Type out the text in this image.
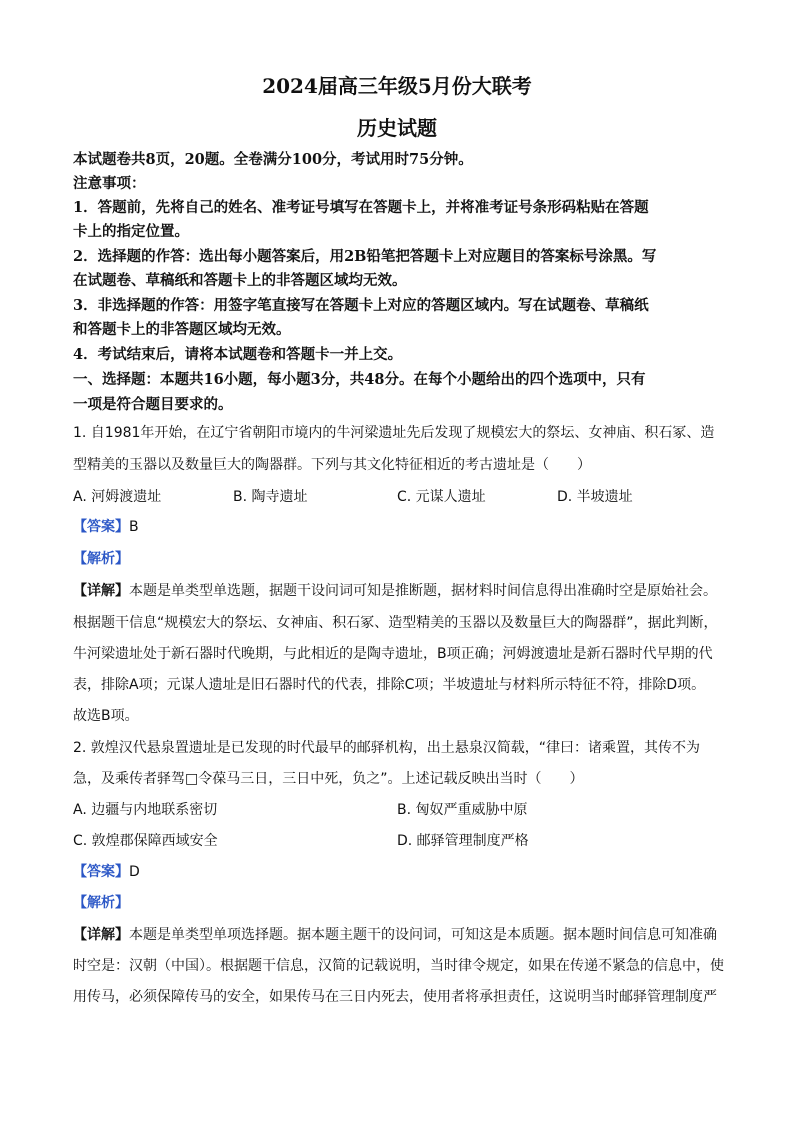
2024届高三年级5月份大联考
历史试题
本试题卷共8页，20题。全卷满分100分，考试用时75分钟。
注意事项：
1．答题前，先将自己的姓名、准考证号填写在答题卡上，并将准考证号条形码粘贴在答题
卡上的指定位置。
2．选择题的作答：选出每小题答案后，用2B铅笔把答题卡上对应题目的答案标号涂黑。写
在试题卷、草稿纸和答题卡上的非答题区域均无效。
3．非选择题的作答：用签字笔直接写在答题卡上对应的答题区域内。写在试题卷、草稿纸
和答题卡上的非答题区域均无效。
4．考试结束后，请将本试题卷和答题卡一并上交。
一、选择题：本题共16小题，每小题3分，共48分。在每个小题给出的四个选项中，只有
一项是符合题目要求的。
1. 自1981年开始，在辽宁省朝阳市境内的牛河梁遗址先后发现了规模宏大的祭坛、女神庙、积石冢、造
型精美的玉器以及数量巨大的陶器群。下列与其文化特征相近的考古遗址是（　　）
A. 河姆渡遗址	B. 陶寺遗址	C. 元谋人遗址	D. 半坡遗址
【答案】B
【解析】
【详解】本题是单类型单选题，据题干设问词可知是推断题，据材料时间信息得出准确时空是原始社会。
根据题干信息“规模宏大的祭坛、女神庙、积石冢、造型精美的玉器以及数量巨大的陶器群”，据此判断，
牛河梁遗址处于新石器时代晚期，与此相近的是陶寺遗址，B项正确；河姆渡遗址是新石器时代早期的代
表，排除A项；元谋人遗址是旧石器时代的代表，排除C项；半坡遗址与材料所示特征不符，排除D项。
故选B项。
2. 敦煌汉代悬泉置遗址是已发现的时代最早的邮驿机构，出土悬泉汉简载，“律曰：诸乘置，其传不为
急，及乘传者驿驾□令葆马三日，三日中死，负之”。上述记载反映出当时（　　）
A. 边疆与内地联系密切	B. 匈奴严重威胁中原
C. 敦煌郡保障西域安全	D. 邮驿管理制度严格
【答案】D
【解析】
【详解】本题是单类型单项选择题。据本题主题干的设问词，可知这是本质题。据本题时间信息可知准确
时空是：汉朝（中国）。根据题干信息，汉简的记载说明，当时律令规定，如果在传递不紧急的信息中，使
用传马，必须保障传马的安全，如果传马在三日内死去，使用者将承担责任，这说明当时邮驿管理制度严
